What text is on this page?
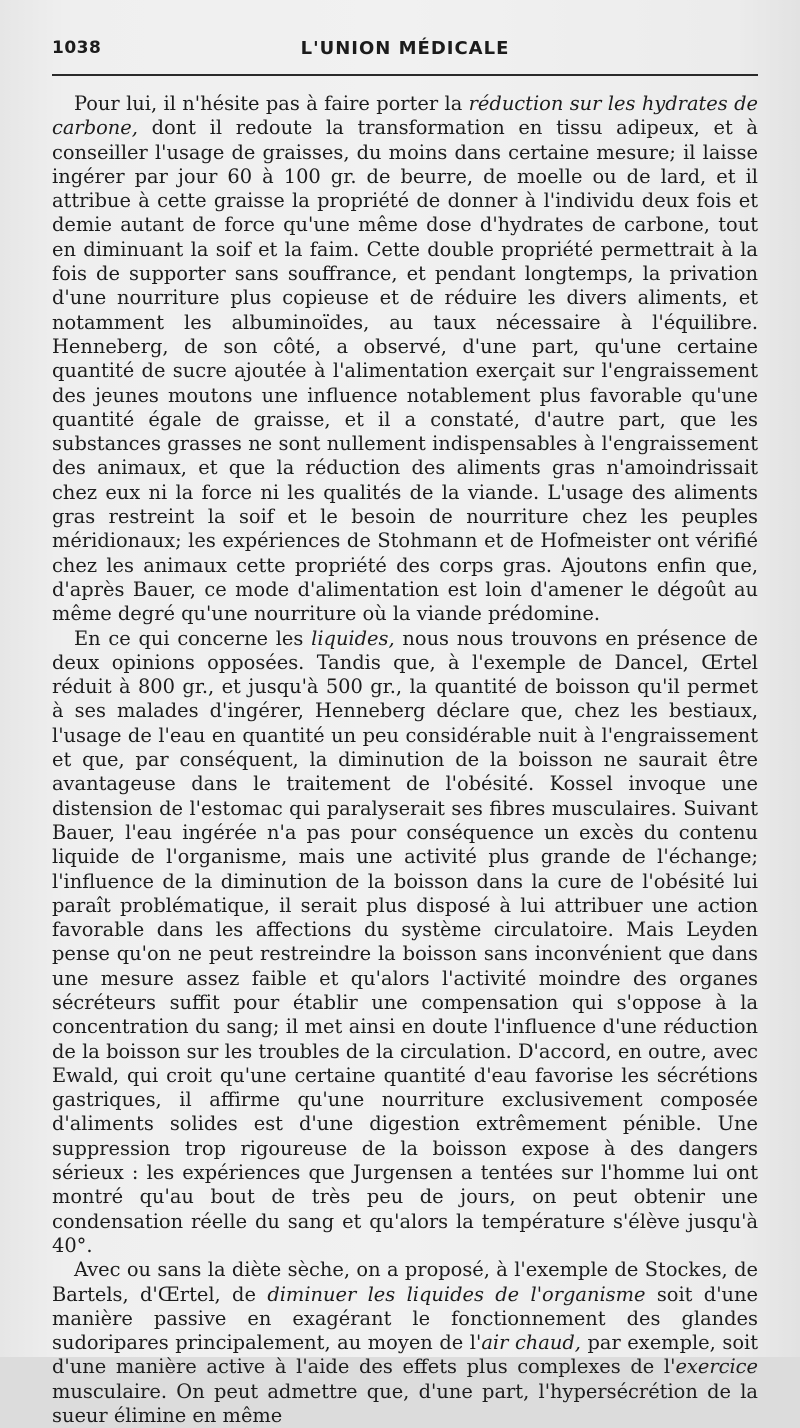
1038	L'UNION MÉDICALE

Pour lui, il n'hésite pas à faire porter la réduction sur les hydrates de carbone, dont il redoute la transformation en tissu adipeux, et à conseiller l'usage de graisses, du moins dans certaine mesure; il laisse ingérer par jour 60 à 100 gr. de beurre, de moelle ou de lard, et il attribue à cette graisse la propriété de donner à l'individu deux fois et demie autant de force qu'une même dose d'hydrates de carbone, tout en diminuant la soif et la faim. Cette double propriété permettrait à la fois de supporter sans souffrance, et pendant longtemps, la privation d'une nourriture plus copieuse et de réduire les divers aliments, et notamment les albuminoïdes, au taux nécessaire à l'équilibre. Henneberg, de son côté, a observé, d'une part, qu'une certaine quantité de sucre ajoutée à l'alimentation exerçait sur l'engraissement des jeunes moutons une influence notablement plus favorable qu'une quantité égale de graisse, et il a constaté, d'autre part, que les substances grasses ne sont nullement indispensables à l'engraissement des animaux, et que la réduction des aliments gras n'amoindrissait chez eux ni la force ni les qualités de la viande. L'usage des aliments gras restreint la soif et le besoin de nourriture chez les peuples méridionaux; les expériences de Stohmann et de Hofmeister ont vérifié chez les animaux cette propriété des corps gras. Ajoutons enfin que, d'après Bauer, ce mode d'alimentation est loin d'amener le dégoût au même degré qu'une nourriture où la viande prédomine.

En ce qui concerne les liquides, nous nous trouvons en présence de deux opinions opposées. Tandis que, à l'exemple de Dancel, Œrtel réduit à 800 gr., et jusqu'à 500 gr., la quantité de boisson qu'il permet à ses malades d'ingérer, Henneberg déclare que, chez les bestiaux, l'usage de l'eau en quantité un peu considérable nuit à l'engraissement et que, par conséquent, la diminution de la boisson ne saurait être avantageuse dans le traitement de l'obésité. Kossel invoque une distension de l'estomac qui paralyserait ses fibres musculaires. Suivant Bauer, l'eau ingérée n'a pas pour conséquence un excès du contenu liquide de l'organisme, mais une activité plus grande de l'échange; l'influence de la diminution de la boisson dans la cure de l'obésité lui paraît problématique, il serait plus disposé à lui attribuer une action favorable dans les affections du système circulatoire. Mais Leyden pense qu'on ne peut restreindre la boisson sans inconvénient que dans une mesure assez faible et qu'alors l'activité moindre des organes sécréteurs suffit pour établir une compensation qui s'oppose à la concentration du sang; il met ainsi en doute l'influence d'une réduction de la boisson sur les troubles de la circulation. D'accord, en outre, avec Ewald, qui croit qu'une certaine quantité d'eau favorise les sécrétions gastriques, il affirme qu'une nourriture exclusivement composée d'aliments solides est d'une digestion extrêmement pénible. Une suppression trop rigoureuse de la boisson expose à des dangers sérieux : les expériences que Jurgensen a tentées sur l'homme lui ont montré qu'au bout de très peu de jours, on peut obtenir une condensation réelle du sang et qu'alors la température s'élève jusqu'à 40°.

Avec ou sans la diète sèche, on a proposé, à l'exemple de Stockes, de Bartels, d'Œrtel, de diminuer les liquides de l'organisme soit d'une manière passive en exagérant le fonctionnement des glandes sudoripares principalement, au moyen de l'air chaud, par exemple, soit d'une manière active à l'aide des effets plus complexes de l'exercice musculaire. On peut admettre que, d'une part, l'hypersécrétion de la sueur élimine en même
